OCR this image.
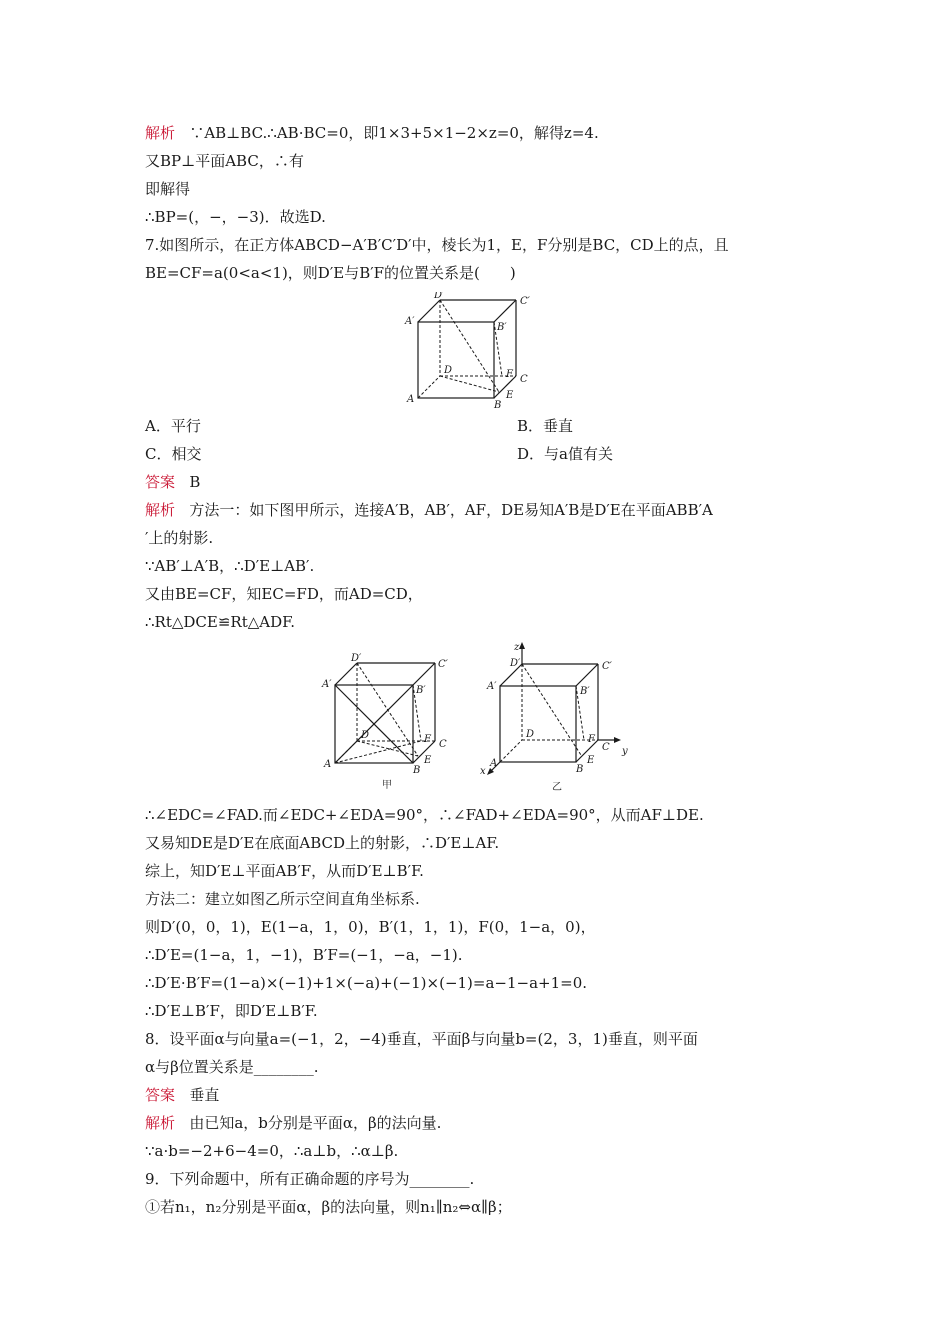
解析 ∵AB⊥BC.∴AB·BC=0，即1×3+5×1−2×z=0，解得z=4.
又BP⊥平面ABC，∴有
即解得
∴BP=(，−，−3)．故选D.
7.如图所示，在正方体ABCD−A′B′C′D′中，棱长为1，E，F分别是BC，CD上的点，且
BE=CF=a(0<a<1)，则D′E与B′F的位置关系是(　　)
D′
C′
A′
B′
D	F C
A
B
E
A．平行	B．垂直
C．相交	D．与a值有关
答案 B
解析 方法一：如下图甲所示，连接A′B，AB′，AF，DE易知A′B是D′E在平面ABB′A
′上的射影.
∵AB′⊥A′B，∴D′E⊥AB′.
又由BE=CF，知EC=FD，而AD=CD，
∴Rt△DCE≌Rt△ADF.
D′
C′
A′
B′
D	F C
A
B
E
甲
z
D′	C′
A′	B′
D	F
C y
A
B
E
x
乙
∴∠EDC=∠FAD.而∠EDC+∠EDA=90°，∴∠FAD+∠EDA=90°，从而AF⊥DE.
又易知DE是D′E在底面ABCD上的射影，∴D′E⊥AF.
综上，知D′E⊥平面AB′F，从而D′E⊥B′F.
方法二：建立如图乙所示空间直角坐标系.
则D′(0，0，1)，E(1−a，1，0)，B′(1，1，1)，F(0，1−a，0)，
∴D′E=(1−a，1，−1)，B′F=(−1，−a，−1).
∴D′E·B′F=(1−a)×(−1)+1×(−a)+(−1)×(−1)=a−1−a+1=0.
∴D′E⊥B′F，即D′E⊥B′F.
8．设平面α与向量a=(−1，2，−4)垂直，平面β与向量b=(2，3，1)垂直，则平面
α与β位置关系是________.
答案 垂直
解析 由已知a，b分别是平面α，β的法向量.
∵a·b=−2+6−4=0，∴a⊥b，∴α⊥β.
9．下列命题中，所有正确命题的序号为________.
①若n₁，n₂分别是平面α，β的法向量，则n₁∥n₂⇔α∥β；
